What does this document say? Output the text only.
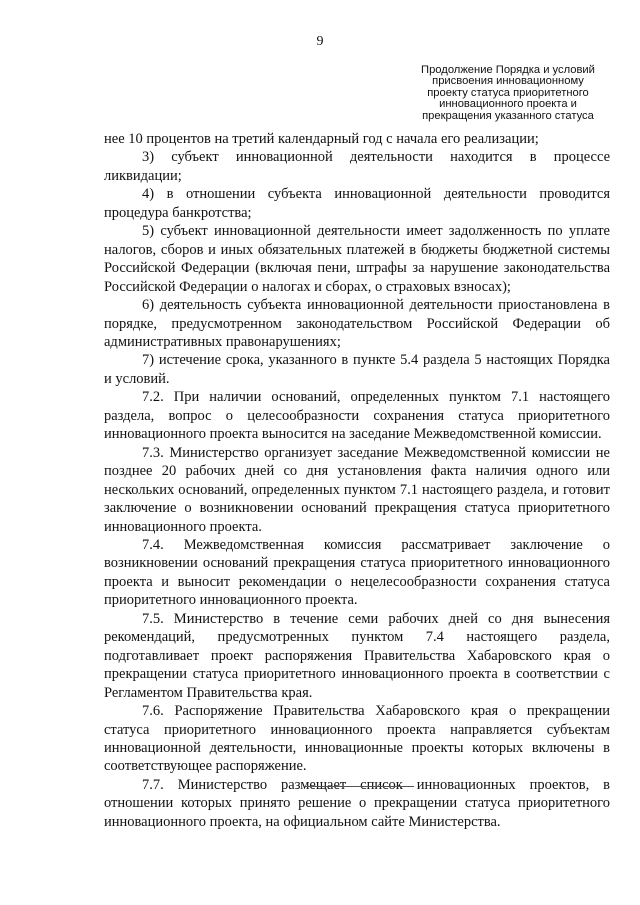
9
Продолжение Порядка и условий
присвоения инновационному
проекту статуса приоритетного
инновационного проекта и
прекращения указанного статуса

нее 10 процентов на третий календарный год с начала его реализации;

3) субъект инновационной деятельности находится в процессе ликвидации;

4) в отношении субъекта инновационной деятельности проводится процедура банкротства;

5) субъект инновационной деятельности имеет задолженность по уплате налогов, сборов и иных обязательных платежей в бюджеты бюджетной системы Российской Федерации (включая пени, штрафы за нарушение законодательства Российской Федерации о налогах и сборах, о страховых взносах);

6) деятельность субъекта инновационной деятельности приостановлена в порядке, предусмотренном законодательством Российской Федерации об административных правонарушениях;

7) истечение срока, указанного в пункте 5.4 раздела 5 настоящих Порядка и условий.

7.2. При наличии оснований, определенных пунктом 7.1 настоящего раздела, вопрос о целесообразности сохранения статуса приоритетного инновационного проекта выносится на заседание Межведомственной комиссии.

7.3. Министерство организует заседание Межведомственной комиссии не позднее 20 рабочих дней со дня установления факта наличия одного или нескольких оснований, определенных пунктом 7.1 настоящего раздела, и готовит заключение о возникновении оснований прекращения статуса приоритетного инновационного проекта.

7.4. Межведомственная комиссия рассматривает заключение о возникновении оснований прекращения статуса приоритетного инновационного проекта и выносит рекомендации о нецелесообразности сохранения статуса приоритетного инновационного проекта.

7.5. Министерство в течение семи рабочих дней со дня вынесения рекомендаций, предусмотренных пунктом 7.4 настоящего раздела, подготавливает проект распоряжения Правительства Хабаровского края о прекращении статуса приоритетного инновационного проекта в соответствии с Регламентом Правительства края.

7.6. Распоряжение Правительства Хабаровского края о прекращении статуса приоритетного инновационного проекта направляется субъектам инновационной деятельности, инновационные проекты которых включены в соответствующее распоряжение.

7.7. Министерство размещает список инновационных проектов, в отношении которых принято решение о прекращении статуса приоритетного инновационного проекта, на официальном сайте Министерства.
